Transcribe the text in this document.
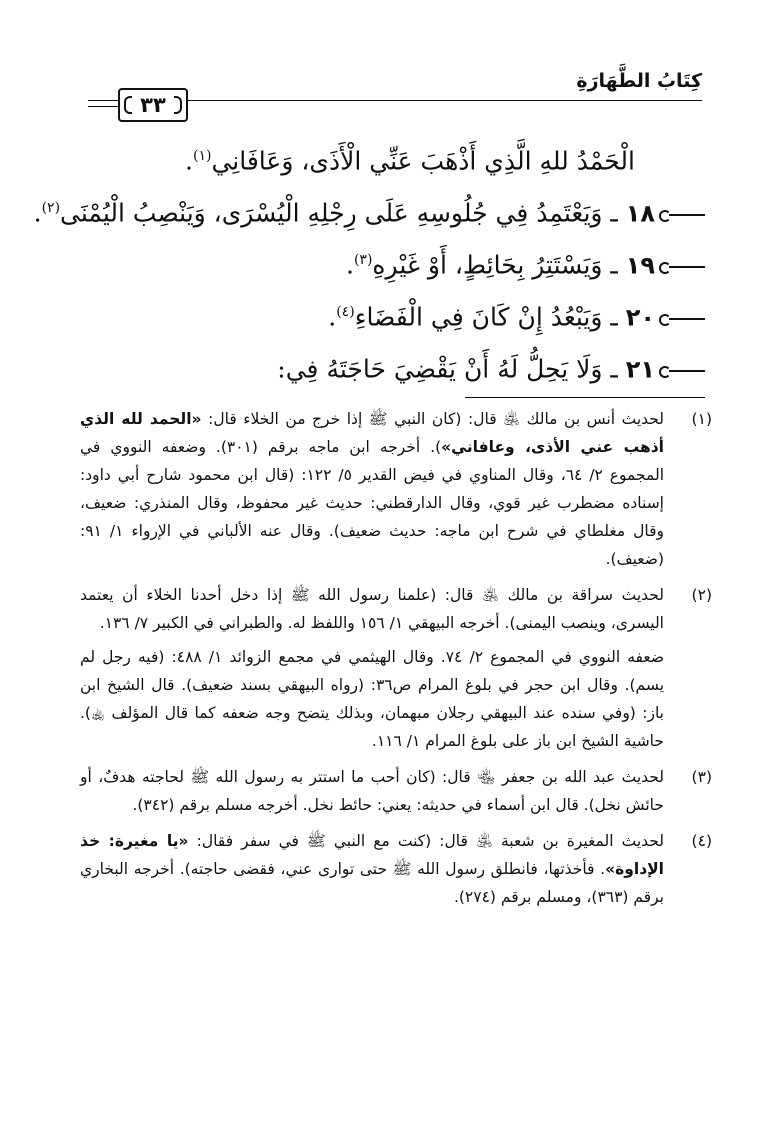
كِتَابُ الطَّهَارَةِ
٣٣
الْحَمْدُ للهِ الَّذِي أَذْهَبَ عَنِّي الْأَذَى، وَعَافَانِي$^{(١)}$.
١٨ ـ وَيَعْتَمِدُ فِي جُلُوسِهِ عَلَى رِجْلِهِ الْيُسْرَى، وَيَنْصِبُ الْيُمْنَى$^{(٢)}$.
١٩ ـ وَيَسْتَتِرُ بِحَائِطٍ، أَوْ غَيْرِهِ$^{(٣)}$.
٢٠ ـ وَيَبْعُدُ إِنْ كَانَ فِي الْفَضَاءِ$^{(٤)}$.
٢١ ـ وَلَا يَحِلُّ لَهُ أَنْ يَقْضِيَ حَاجَتَهُ فِي:
(١)

لحديث أنس بن مالك ﵁ قال: (كان النبي ﷺ إذا خرج من الخلاء قال: «الحمد لله الذي أذهب عني الأذى، وعافاني»). أخرجه ابن ماجه برقم (٣٠١). وضعفه النووي في المجموع ٢/ ٦٤، وقال المناوي في فيض القدير ٥/ ١٢٢: (قال ابن محمود شارح أبي داود: إسناده مضطرب غير قوي، وقال الدارقطني: حديث غير محفوظ، وقال المنذري: ضعيف، وقال مغلطاي في شرح ابن ماجه: حديث ضعيف). وقال عنه الألباني في الإرواء ١/ ٩١: (ضعيف).

(٢)

لحديث سراقة بن مالك ﵁ قال: (علمنا رسول الله ﷺ إذا دخل أحدنا الخلاء أن يعتمد اليسرى، وينصب اليمنى). أخرجه البيهقي ١/ ١٥٦ واللفظ له. والطبراني في الكبير ٧/ ١٣٦.

ضعفه النووي في المجموع ٢/ ٧٤. وقال الهيثمي في مجمع الزوائد ١/ ٤٨٨: (فيه رجل لم يسم). وقال ابن حجر في بلوغ المرام ص٣٦: (رواه البيهقي بسند ضعيف). قال الشيخ ابن باز: (وفي سنده عند البيهقي رجلان مبهمان، وبذلك يتضح وجه ضعفه كما قال المؤلف ﵀). حاشية الشيخ ابن باز على بلوغ المرام ١/ ١١٦.

(٣)

لحديث عبد الله بن جعفر ﵄ قال: (كان أحب ما استتر به رسول الله ﷺ لحاجته هدفٌ، أو حائش نخل). قال ابن أسماء في حديثه: يعني: حائط نخل. أخرجه مسلم برقم (٣٤٢).

(٤)

لحديث المغيرة بن شعبة ﵁ قال: (كنت مع النبي ﷺ في سفر فقال: «يا مغيرة: خذ الإداوة». فأخذتها، فانطلق رسول الله ﷺ حتى توارى عني، فقضى حاجته). أخرجه البخاري برقم (٣٦٣)، ومسلم برقم (٢٧٤).
